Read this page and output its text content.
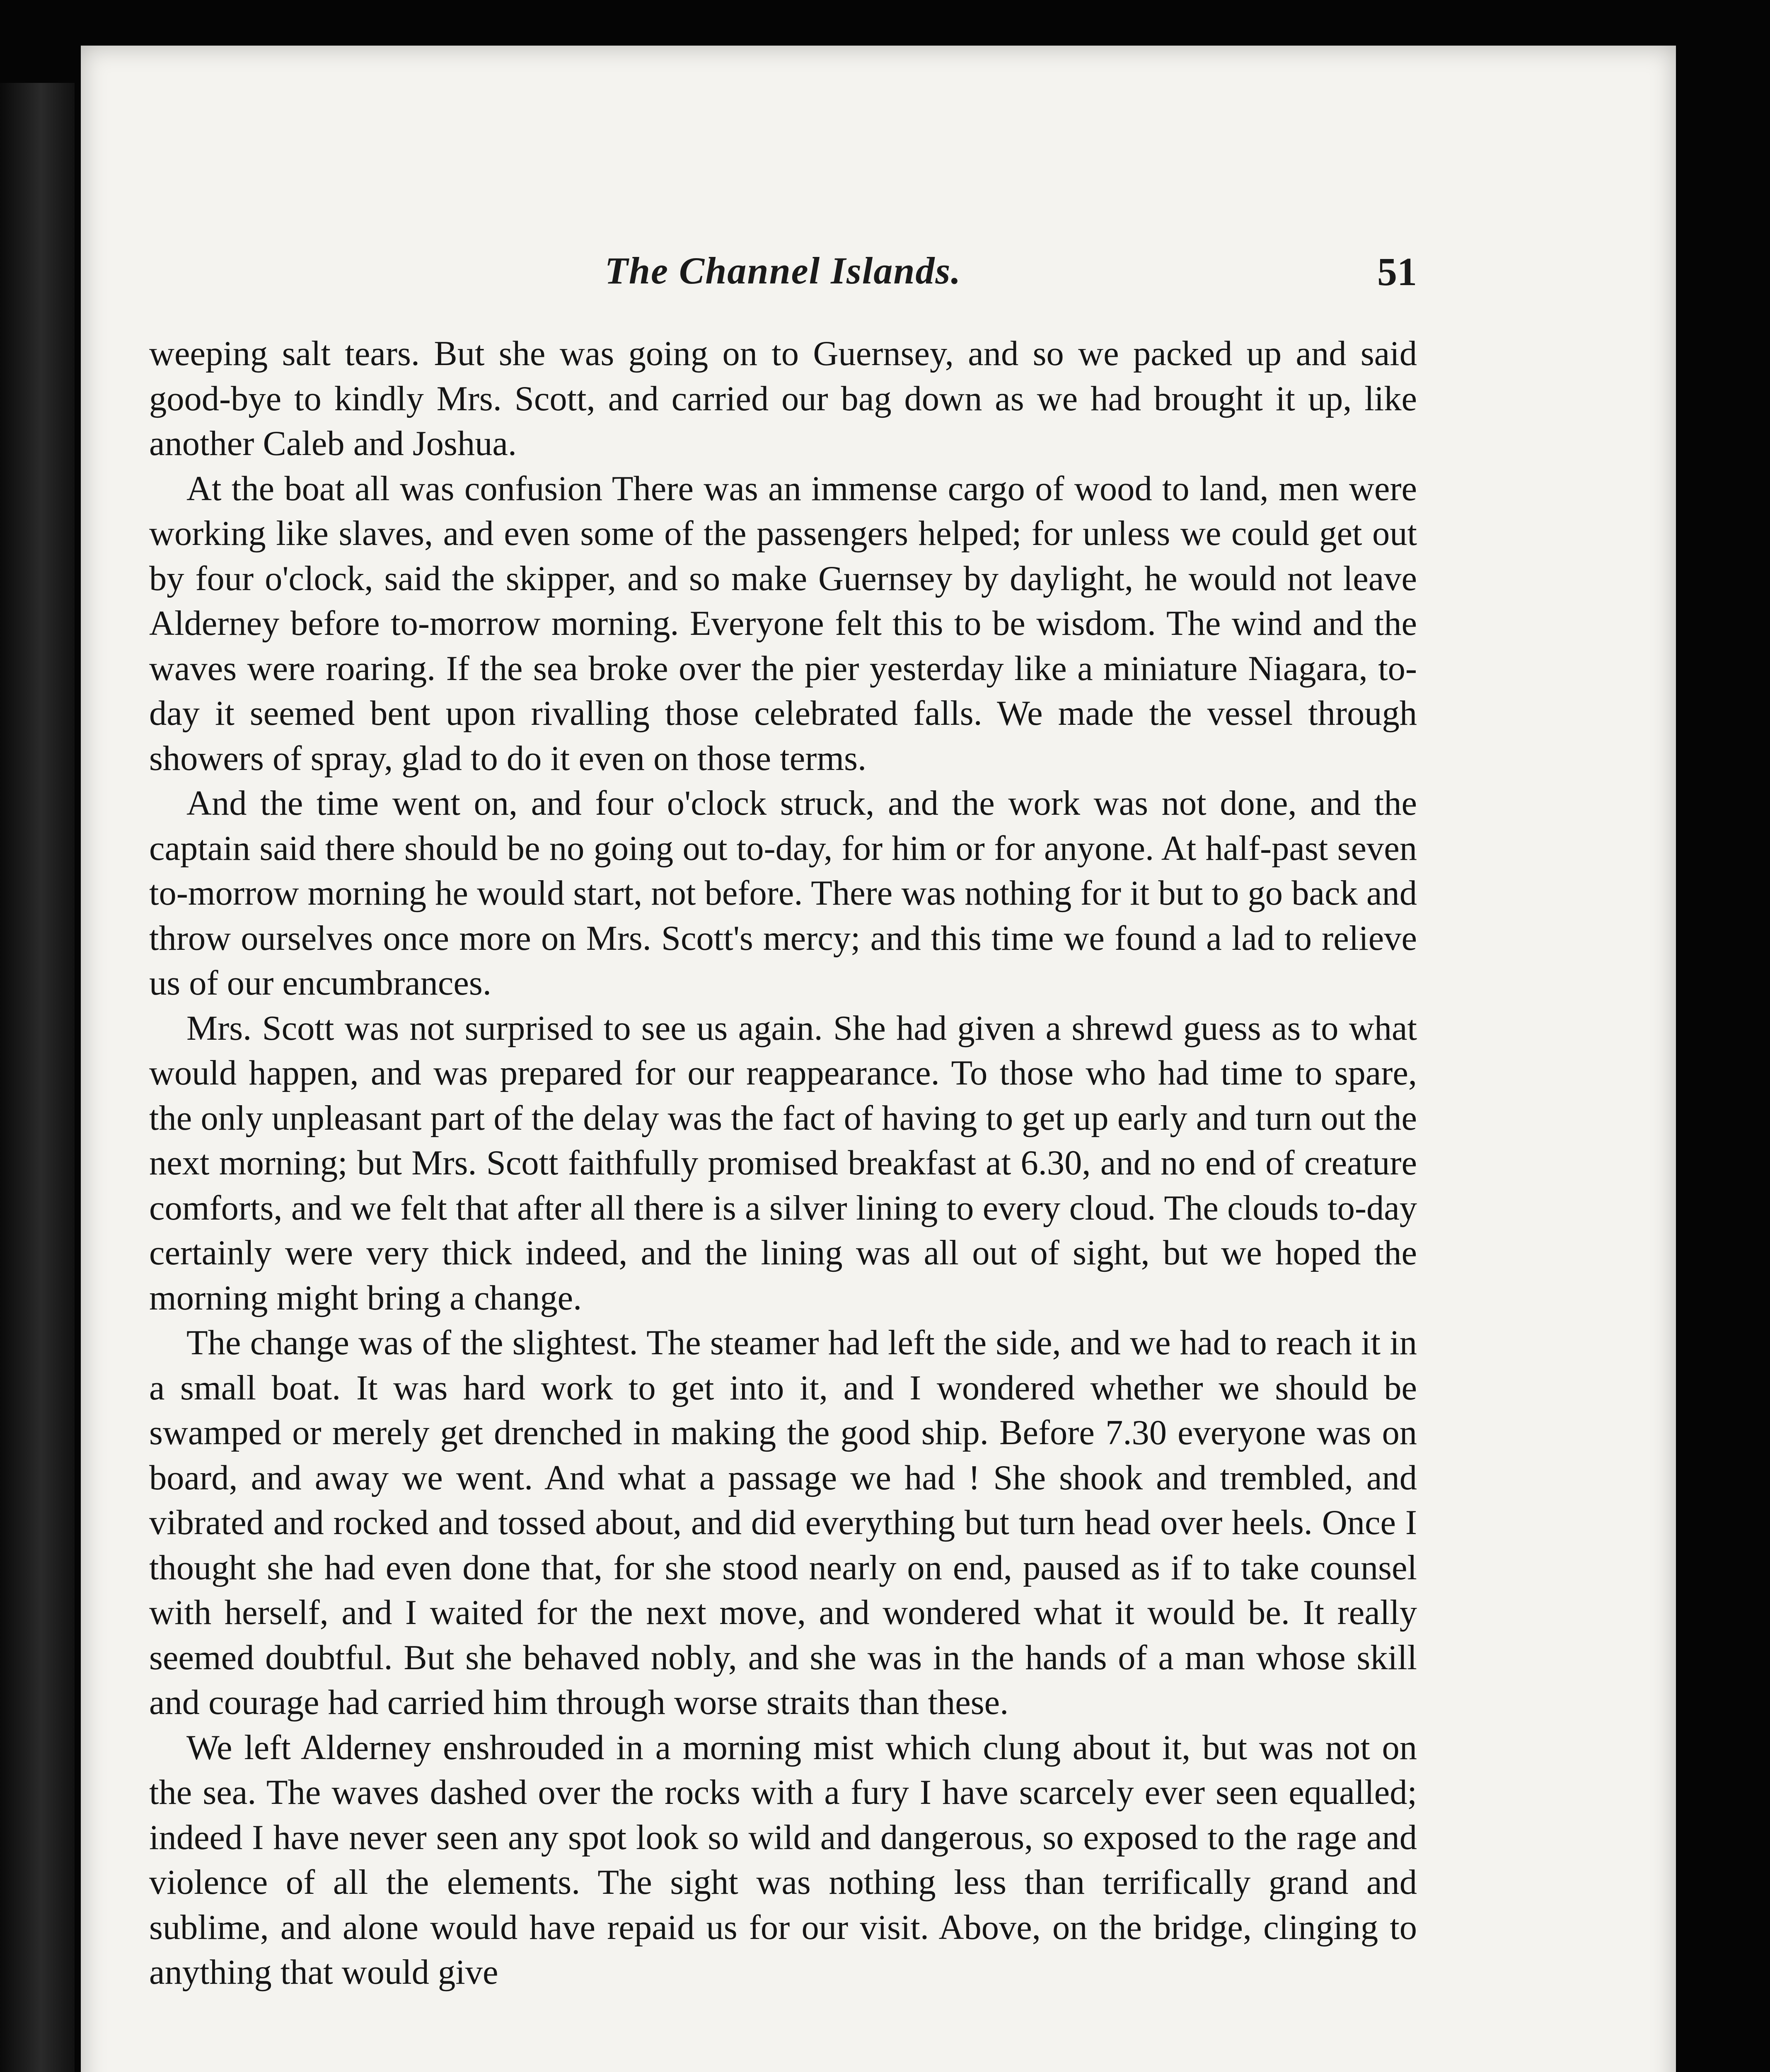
The Channel Islands.	51

weeping salt tears. But she was going on to Guernsey, and so we packed up and said good-bye to kindly Mrs. Scott, and carried our bag down as we had brought it up, like another Caleb and Joshua.

At the boat all was confusion There was an immense cargo of wood to land, men were working like slaves, and even some of the passengers helped; for unless we could get out by four o'clock, said the skipper, and so make Guernsey by daylight, he would not leave Alderney before to-morrow morning. Everyone felt this to be wisdom. The wind and the waves were roaring. If the sea broke over the pier yesterday like a miniature Niagara, to-day it seemed bent upon rivalling those celebrated falls. We made the vessel through showers of spray, glad to do it even on those terms.

And the time went on, and four o'clock struck, and the work was not done, and the captain said there should be no going out to-day, for him or for anyone. At half-past seven to-morrow morning he would start, not before. There was nothing for it but to go back and throw ourselves once more on Mrs. Scott's mercy; and this time we found a lad to relieve us of our encumbrances.

Mrs. Scott was not surprised to see us again. She had given a shrewd guess as to what would happen, and was prepared for our reappearance. To those who had time to spare, the only unpleasant part of the delay was the fact of having to get up early and turn out the next morning; but Mrs. Scott faithfully promised breakfast at 6.30, and no end of creature comforts, and we felt that after all there is a silver lining to every cloud. The clouds to-day certainly were very thick indeed, and the lining was all out of sight, but we hoped the morning might bring a change.

The change was of the slightest. The steamer had left the side, and we had to reach it in a small boat. It was hard work to get into it, and I wondered whether we should be swamped or merely get drenched in making the good ship. Before 7.30 everyone was on board, and away we went. And what a passage we had ! She shook and trembled, and vibrated and rocked and tossed about, and did everything but turn head over heels. Once I thought she had even done that, for she stood nearly on end, paused as if to take counsel with herself, and I waited for the next move, and wondered what it would be. It really seemed doubtful. But she behaved nobly, and she was in the hands of a man whose skill and courage had carried him through worse straits than these.

We left Alderney enshrouded in a morning mist which clung about it, but was not on the sea. The waves dashed over the rocks with a fury I have scarcely ever seen equalled; indeed I have never seen any spot look so wild and dangerous, so exposed to the rage and violence of all the elements. The sight was nothing less than terrifically grand and sublime, and alone would have repaid us for our visit. Above, on the bridge, clinging to anything that would give
